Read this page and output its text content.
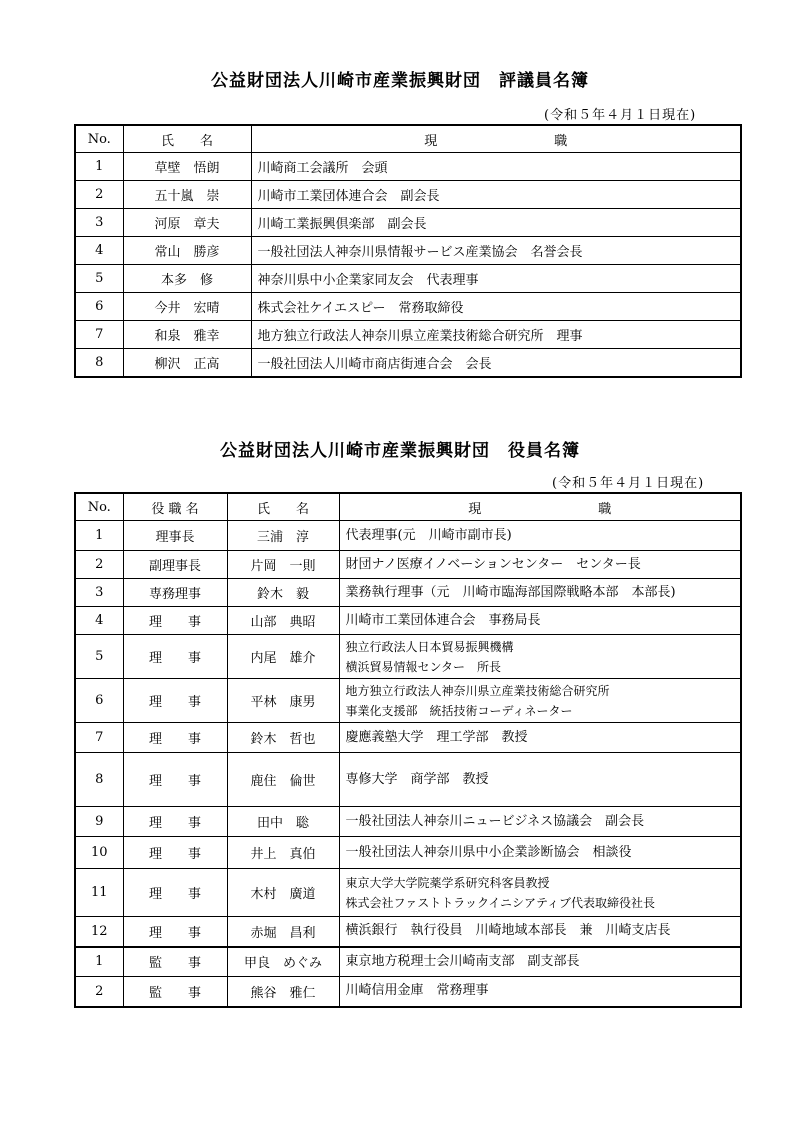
公益財団法人川崎市産業振興財団　評議員名簿
(令和５年４月１日現在)
No.	氏　　名	現　　　　　　　　　職
1	草壁　悟朗	川崎商工会議所　会頭
2	五十嵐　崇	川崎市工業団体連合会　副会長
3	河原　章夫	川崎工業振興倶楽部　副会長
4	常山　勝彦	一般社団法人神奈川県情報サービス産業協会　名誉会長
5	本多　修	神奈川県中小企業家同友会　代表理事
6	今井　宏晴	株式会社ケイエスピー　常務取締役
7	和泉　雅幸	地方独立行政法人神奈川県立産業技術総合研究所　理事
8	柳沢　正高	一般社団法人川崎市商店街連合会　会長
公益財団法人川崎市産業振興財団　役員名簿
(令和５年４月１日現在)
No.	役 職 名	氏　　名	現　　　　　　　　　職
1	理事長	三浦　淳	代表理事(元　川崎市副市長)

2	副理事長	片岡　一則	財団ナノ医療イノベーションセンター　センター長

3	専務理事	鈴木　毅	業務執行理事（元　川崎市臨海部国際戦略本部　本部長)

4	理　　事	山部　典昭	川崎市工業団体連合会　事務局長

5	理　　事	内尾　雄介	独立行政法人日本貿易振興機構
横浜貿易情報センター　所長

6	理　　事	平林　康男	地方独立行政法人神奈川県立産業技術総合研究所
事業化支援部　統括技術コーディネーター

7	理　　事	鈴木　哲也	慶應義塾大学　理工学部　教授

8	理　　事	鹿住　倫世	専修大学　商学部　教授

9	理　　事	田中　聡	一般社団法人神奈川ニュービジネス協議会　副会長

10	理　　事	井上　真伯	一般社団法人神奈川県中小企業診断協会　相談役

11	理　　事	木村　廣道	東京大学大学院薬学系研究科客員教授
株式会社ファストトラックイニシアティブ代表取締役社長

12	理　　事	赤堀　昌利	横浜銀行　執行役員　川崎地域本部長　兼　川崎支店長

1	監　　事	甲良　めぐみ	東京地方税理士会川崎南支部　副支部長

2	監　　事	熊谷　雅仁	川崎信用金庫　常務理事
